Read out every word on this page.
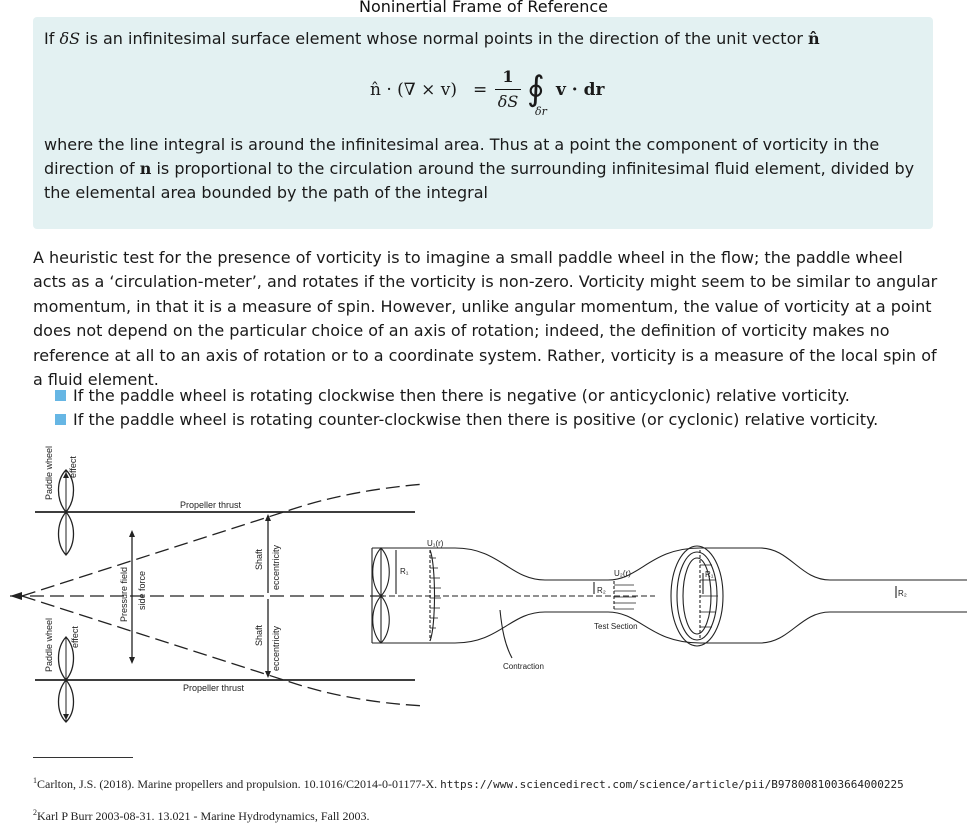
Noninertial Frame of Reference
If δS is an infinitesimal surface element whose normal points in the direction of the unit vector n̂
n̂ · (∇ × v) =
1
δS ∮
δr
v · dr
where the line integral is around the infinitesimal area. Thus at a point the component of vorticity in the direction of n is proportional to the circulation around the surrounding infinitesimal fluid element, divided by the elemental area bounded by the path of the integral
A heuristic test for the presence of vorticity is to imagine a small paddle wheel in the flow; the paddle wheel acts as a ‘circulation-meter’, and rotates if the vorticity is non-zero. Vorticity might seem to be similar to angular momentum, in that it is a measure of spin. However, unlike angular momentum, the value of vorticity at a point does not depend on the particular choice of an axis of rotation; indeed, the definition of vorticity makes no reference at all to an axis of rotation or to a coordinate system. Rather, vorticity is a measure of the local spin of a fluid element.
If the paddle wheel is rotating clockwise then there is negative (or anticyclonic) relative vorticity.
If the paddle wheel is rotating counter-clockwise then there is positive (or cyclonic) relative vorticity.
Paddle wheel effect
Paddle wheel effect
Propeller thrust
Propeller thrust
Shaft eccentricity
Shaft eccentricity
Pressure field side force
U₁(r)
R₁	U₂(r)
R₂
Test Section
R₁
R₂
Contraction
$^1$Carlton, J.S. (2018). Marine propellers and propulsion. 10.1016/C2014-0-01177-X. https://www.sciencedirect.com/science/article/pii/B9780081003664000225
$^2$Karl P Burr 2003-08-31. 13.021 - Marine Hydrodynamics, Fall 2003.
